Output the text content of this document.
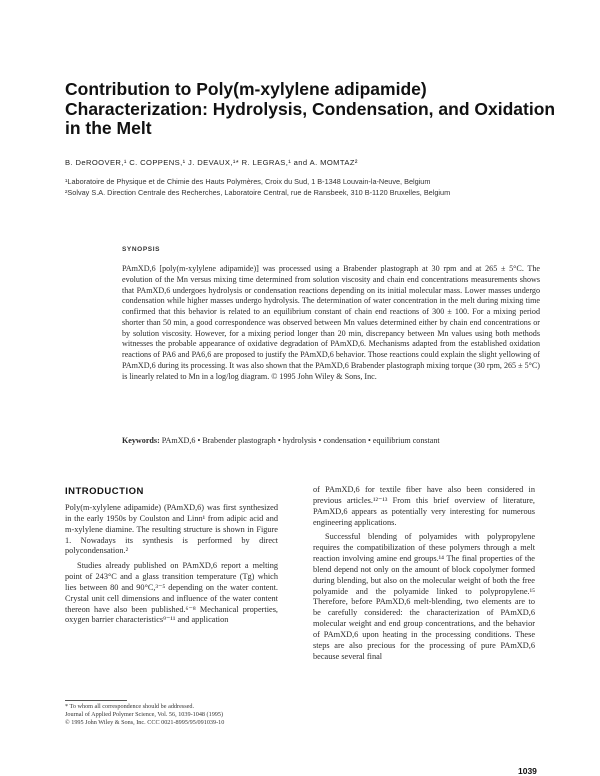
Contribution to Poly(m-xylylene adipamide)
Characterization: Hydrolysis, Condensation, and Oxidation
in the Melt
B. DeROOVER,¹ C. COPPENS,¹ J. DEVAUX,¹* R. LEGRAS,¹ and A. MOMTAZ²
¹Laboratoire de Physique et de Chimie des Hauts Polymères, Croix du Sud, 1 B-1348 Louvain-la-Neuve, Belgium
²Solvay S.A. Direction Centrale des Recherches, Laboratoire Central, rue de Ransbeek, 310 B-1120 Bruxelles, Belgium
SYNOPSIS

PAmXD,6 [poly(m-xylylene adipamide)] was processed using a Brabender plastograph at 30 rpm and at 265 ± 5°C. The evolution of the Mn versus mixing time determined from solution viscosity and chain end concentrations measurements shows that PAmXD,6 undergoes hydrolysis or condensation reactions depending on its initial molecular mass. Lower masses undergo condensation while higher masses undergo hydrolysis. The determination of water concentration in the melt during mixing time confirmed that this behavior is related to an equilibrium constant of chain end reactions of 300 ± 100. For a mixing period shorter than 50 min, a good correspondence was observed between Mn values determined either by chain end concentrations or by solution viscosity. However, for a mixing period longer than 20 min, discrepancy between Mn values using both methods witnesses the probable appearance of oxidative degradation of PAmXD,6. Mechanisms adapted from the established oxidation reactions of PA6 and PA6,6 are proposed to justify the PAmXD,6 behavior. Those reactions could explain the slight yellowing of PAmXD,6 during its processing. It was also shown that the PAmXD,6 Brabender plastograph mixing torque (30 rpm, 265 ± 5°C) is linearly related to Mn in a log/log diagram. © 1995 John Wiley & Sons, Inc.

Keywords: PAmXD,6 • Brabender plastograph • hydrolysis • condensation • equilibrium constant
INTRODUCTION

Poly(m-xylylene adipamide) (PAmXD,6) was first synthesized in the early 1950s by Coulston and Linn¹ from adipic acid and m-xylylene diamine. The resulting structure is shown in Figure 1. Nowadays its synthesis is performed by direct polycondensation.²

Studies already published on PAmXD,6 report a melting point of 243°C and a glass transition temperature (Tg) which lies between 80 and 90°C,³⁻⁵ depending on the water content. Crystal unit cell dimensions and influence of the water content thereon have also been published.⁶⁻⁸ Mechanical properties, oxygen barrier characteristics⁹⁻¹¹ and application

of PAmXD,6 for textile fiber have also been considered in previous articles.¹²⁻¹³ From this brief overview of literature, PAmXD,6 appears as potentially very interesting for numerous engineering applications.

Successful blending of polyamides with polypropylene requires the compatibilization of these polymers through a melt reaction involving amine end groups.¹⁴ The final properties of the blend depend not only on the amount of block copolymer formed during blending, but also on the molecular weight of both the free polyamide and the polyamide linked to polypropylene.¹⁵ Therefore, before PAmXD,6 melt-blending, two elements are to be carefully considered: the characterization of PAmXD,6 molecular weight and end group concentrations, and the behavior of PAmXD,6 upon heating in the processing conditions. These steps are also precious for the processing of pure PAmXD,6 because several final

* To whom all correspondence should be addressed.
Journal of Applied Polymer Science, Vol. 56, 1039-1048 (1995)
© 1995 John Wiley & Sons, Inc. CCC 0021-8995/95/091039-10
1039
